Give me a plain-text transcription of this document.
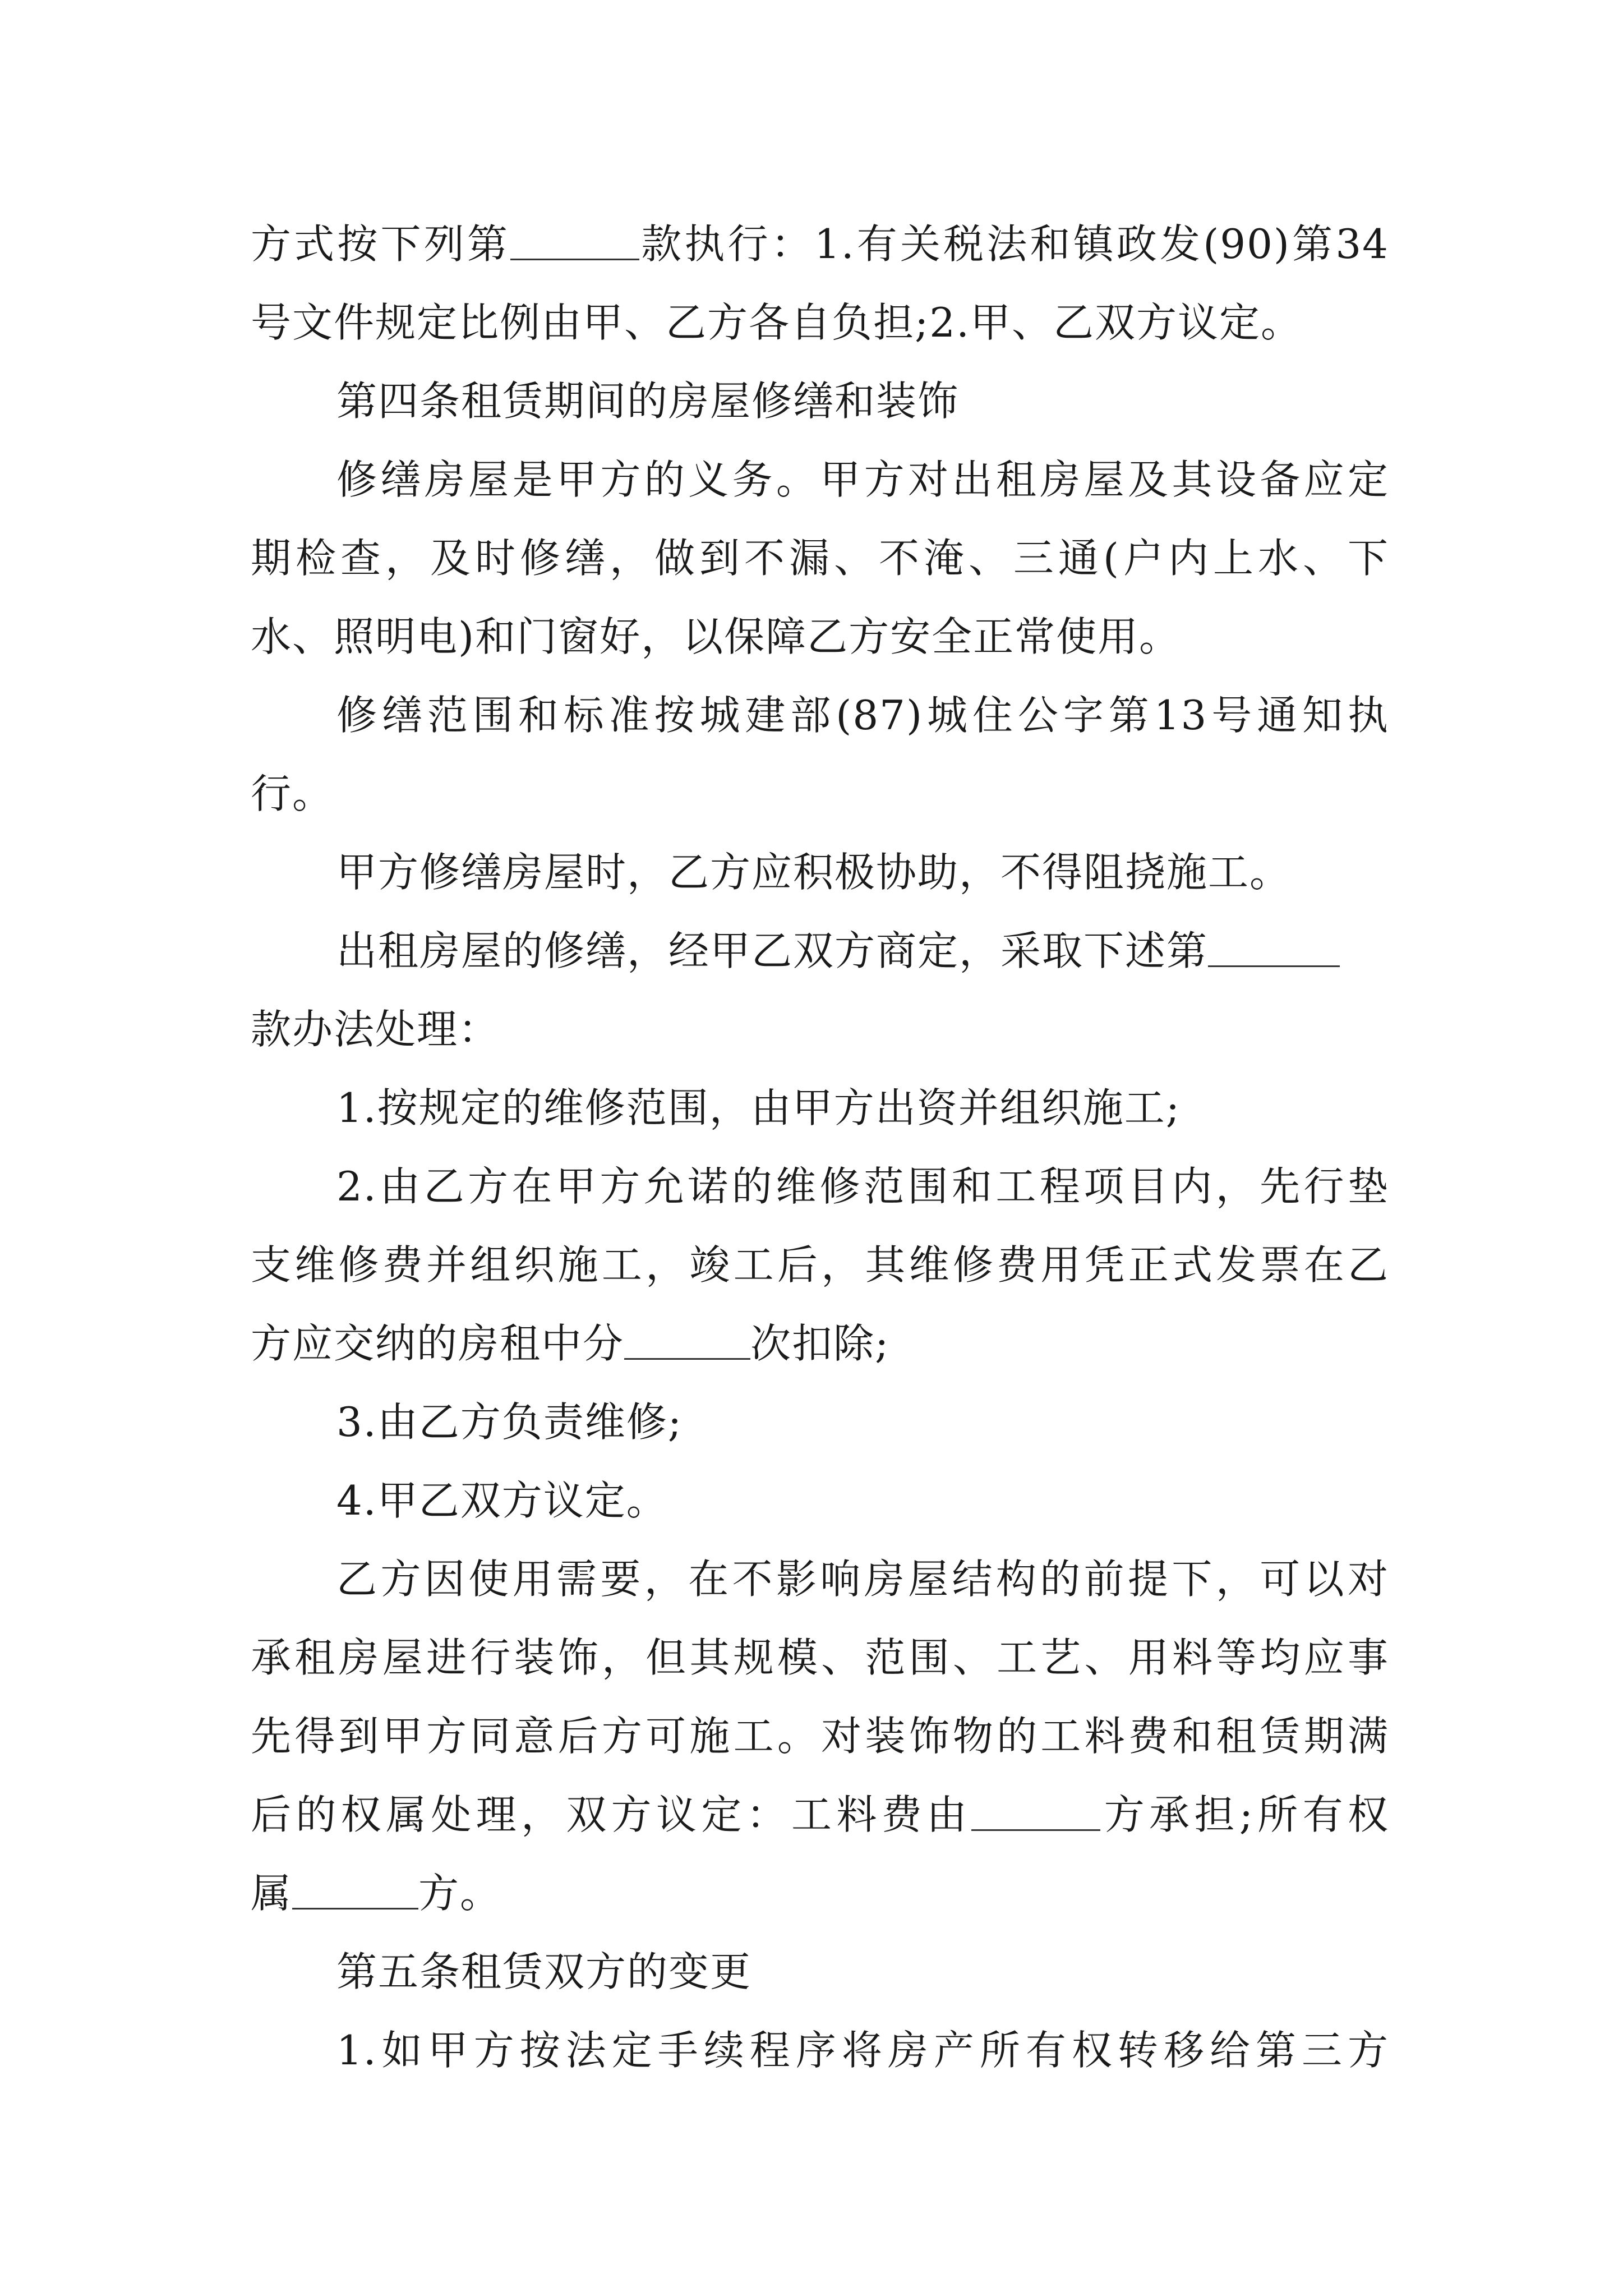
方式按下列第	款执行：1.有关税法和镇政发(90)第34
号文件规定比例由甲、乙方各自负担;2.甲、乙双方议定。
第四条租赁期间的房屋修缮和装饰
修缮房屋是甲方的义务。甲方对出租房屋及其设备应定
期检查，及时修缮，做到不漏、不淹、三通(户内上水、下
水、照明电)和门窗好，以保障乙方安全正常使用。
修缮范围和标准按城建部(87)城住公字第13号通知执
行。
甲方修缮房屋时，乙方应积极协助，不得阻挠施工。
出租房屋的修缮，经甲乙双方商定，采取下述第
款办法处理：
1.按规定的维修范围，由甲方出资并组织施工;
2.由乙方在甲方允诺的维修范围和工程项目内，先行垫
支维修费并组织施工，竣工后，其维修费用凭正式发票在乙
方应交纳的房租中分	次扣除;
3.由乙方负责维修;
4.甲乙双方议定。
乙方因使用需要，在不影响房屋结构的前提下，可以对
承租房屋进行装饰，但其规模、范围、工艺、用料等均应事
先得到甲方同意后方可施工。对装饰物的工料费和租赁期满
后的权属处理，双方议定：工料费由	方承担;所有权
属	方。
第五条租赁双方的变更
1.如甲方按法定手续程序将房产所有权转移给第三方
